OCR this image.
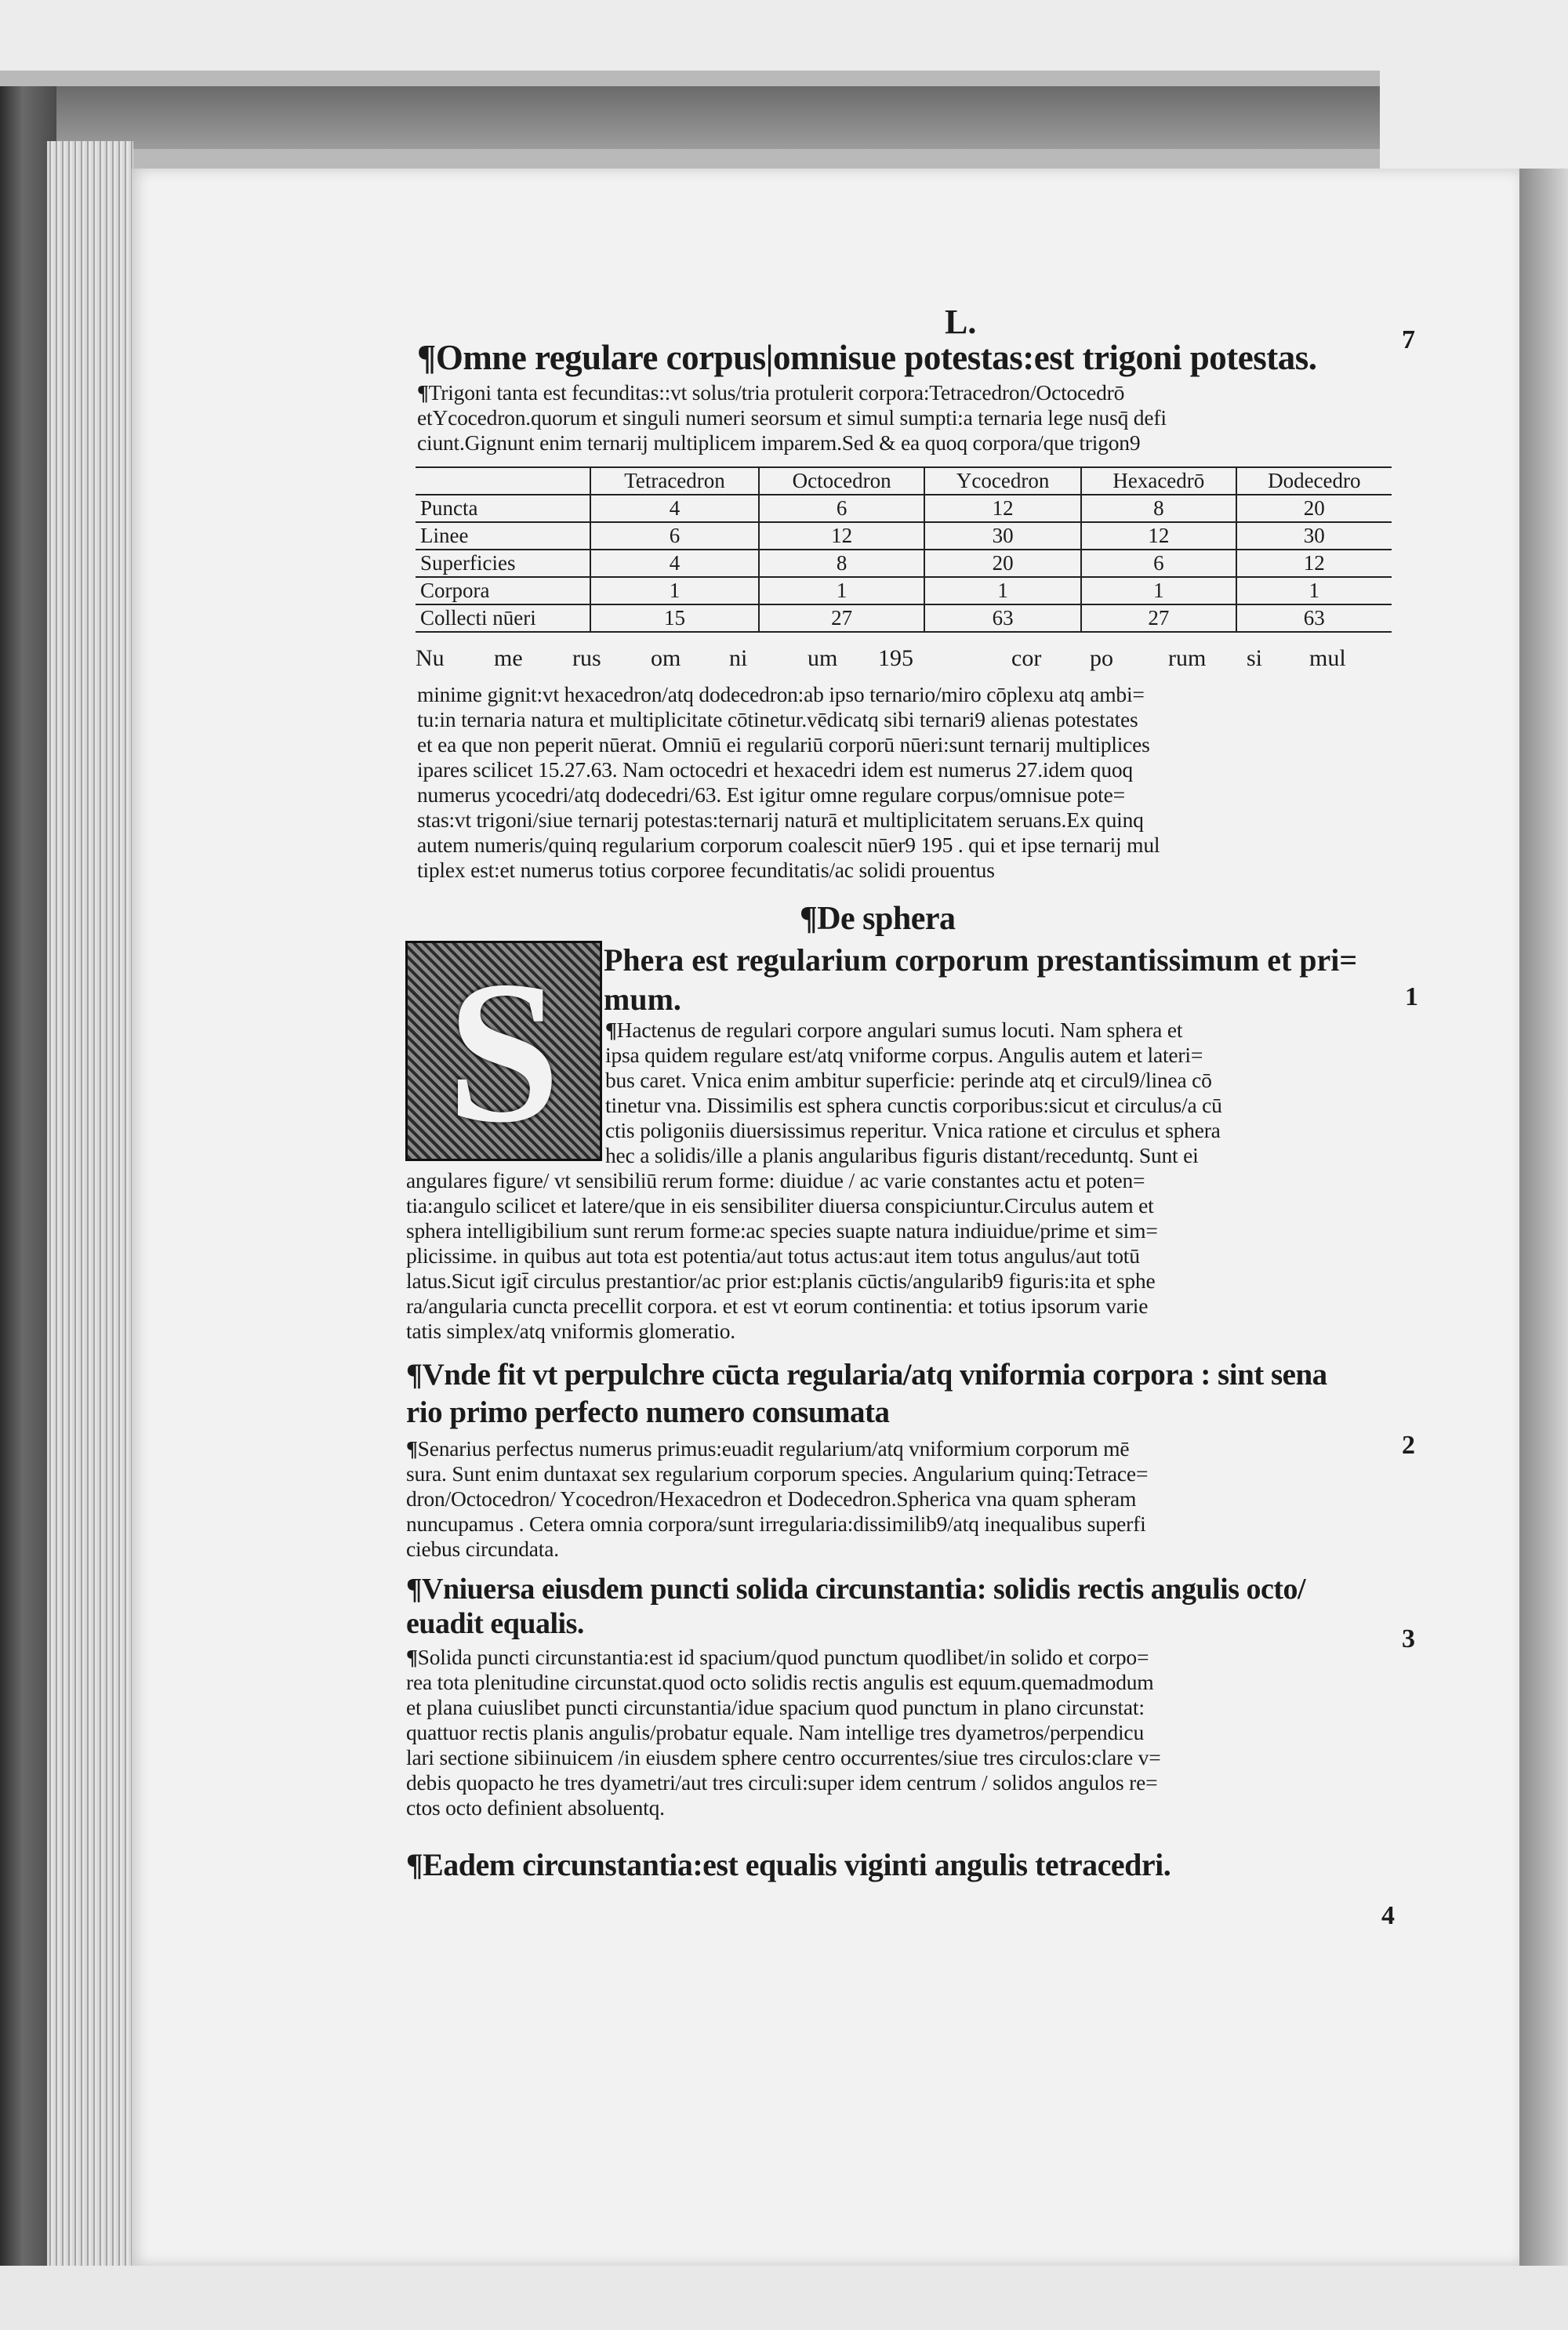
L.	7
1
2
3
4
¶Omne regulare corpus|omnisue potestas:est trigoni potestas.
¶Trigoni tanta est fecunditas::vt solus/tria protulerit corpora:Tetracedron/Octocedrō
etYcocedron.quorum et singuli numeri seorsum et simul sumpti:a ternaria lege nusq̄ defi
ciunt.Gignunt enim ternarij multiplicem imparem.Sed & ea quoq corpora/que trigon9
	Tetracedron	Octocedron	Ycocedron	Hexacedrō	Dodecedro
Puncta	4	6	12	8	20
Linee	6	12	30	12	30
Superficies	4	8	20	6	12
Corpora	1	1	1	1	1
Collecti nūeri	15	27	63	27	63
Nu me rus om ni	um 195	cor po rum si mul
minime gignit:vt hexacedron/atq dodecedron:ab ipso ternario/miro cōplexu atq ambi=
tu:in ternaria natura et multiplicitate cōtinetur.vēdicatq sibi ternari9 alienas potestates
et ea que non peperit nūerat. Omniū ei regulariū corporū nūeri:sunt ternarij multiplices
ipares scilicet 15.27.63. Nam octocedri et hexacedri idem est numerus 27.idem quoq
numerus ycocedri/atq dodecedri/63. Est igitur omne regulare corpus/omnisue pote=
stas:vt trigoni/siue ternarij potestas:ternarij naturā et multiplicitatem seruans.Ex quinq
autem numeris/quinq regularium corporum coalescit nūer9 195 . qui et ipse ternarij mul
tiplex est:et numerus totius corporee fecunditatis/ac solidi prouentus
¶De sphera
S	Phera est regularium corporum prestantissimum et pri=
mum.
¶Hactenus de regulari corpore angulari sumus locuti. Nam sphera et
ipsa quidem regulare est/atq vniforme corpus. Angulis autem et lateri=
bus caret. Vnica enim ambitur superficie: perinde atq et circul9/linea cō
tinetur vna. Dissimilis est sphera cunctis corporibus:sicut et circulus/a cū
ctis poligoniis diuersissimus reperitur. Vnica ratione et circulus et sphera
hec a solidis/ille a planis angularibus figuris distant/receduntq. Sunt ei
angulares figure/ vt sensibiliū rerum forme: diuidue / ac varie constantes actu et poten=
tia:angulo scilicet et latere/que in eis sensibiliter diuersa conspiciuntur.Circulus autem et
sphera intelligibilium sunt rerum forme:ac species suapte natura indiuidue/prime et sim=
plicissime. in quibus aut tota est potentia/aut totus actus:aut item totus angulus/aut totū
latus.Sicut igit̄ circulus prestantior/ac prior est:planis cūctis/angularib9 figuris:ita et sphe
ra/angularia cuncta precellit corpora. et est vt eorum continentia: et totius ipsorum varie
tatis simplex/atq vniformis glomeratio.
¶Vnde fit vt perpulchre cūcta regularia/atq vniformia corpora : sint sena
rio primo perfecto numero consumata
¶Senarius perfectus numerus primus:euadit regularium/atq vniformium corporum mē
sura. Sunt enim duntaxat sex regularium corporum species. Angularium quinq:Tetrace=
dron/Octocedron/ Ycocedron/Hexacedron et Dodecedron.Spherica vna quam spheram
nuncupamus . Cetera omnia corpora/sunt irregularia:dissimilib9/atq inequalibus superfi
ciebus circundata.
¶Vniuersa eiusdem puncti solida circunstantia: solidis rectis angulis octo/
euadit equalis.
¶Solida puncti circunstantia:est id spacium/quod punctum quodlibet/in solido et corpo=
rea tota plenitudine circunstat.quod octo solidis rectis angulis est equum.quemadmodum
et plana cuiuslibet puncti circunstantia/idue spacium quod punctum in plano circunstat:
quattuor rectis planis angulis/probatur equale. Nam intellige tres dyametros/perpendicu
lari sectione sibiinuicem /in eiusdem sphere centro occurrentes/siue tres circulos:clare v=
debis quopacto he tres dyametri/aut tres circuli:super idem centrum / solidos angulos re=
ctos octo definient absoluentq.
¶Eadem circunstantia:est equalis viginti angulis tetracedri.
